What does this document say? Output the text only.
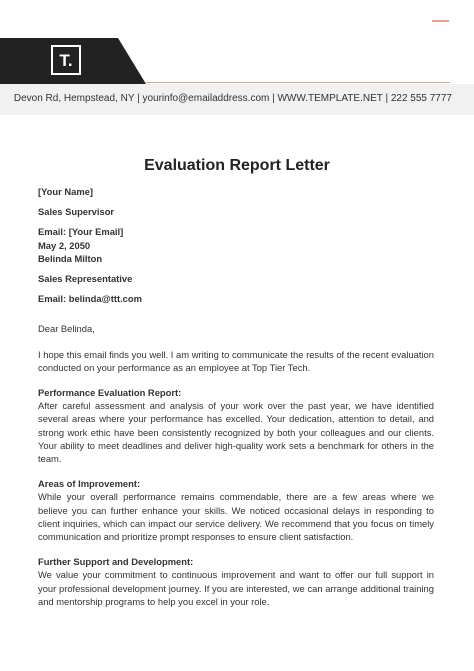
T.
Devon Rd, Hempstead, NY | yourinfo@emailaddress.com | WWW.TEMPLATE.NET | 222 555 7777
Evaluation Report Letter

[Your Name]

Sales Supervisor

Email: [Your Email]

May 2, 2050

Belinda Milton

Sales Representative

Email: belinda@ttt.com

Dear Belinda,

I hope this email finds you well. I am writing to communicate the results of the recent evaluation conducted on your performance as an employee at Top Tier Tech.

Performance Evaluation Report:

After careful assessment and analysis of your work over the past year, we have identified several areas where your performance has excelled. Your dedication, attention to detail, and strong work ethic have been consistently recognized by both your colleagues and our clients. Your ability to meet deadlines and deliver high-quality work sets a benchmark for others in the team.

Areas of Improvement:

While your overall performance remains commendable, there are a few areas where we believe you can further enhance your skills. We noticed occasional delays in responding to client inquiries, which can impact our service delivery. We recommend that you focus on timely communication and prioritize prompt responses to ensure client satisfaction.

Further Support and Development:

We value your commitment to continuous improvement and want to offer our full support in your professional development journey. If you are interested, we can arrange additional training and mentorship programs to help you excel in your role.
